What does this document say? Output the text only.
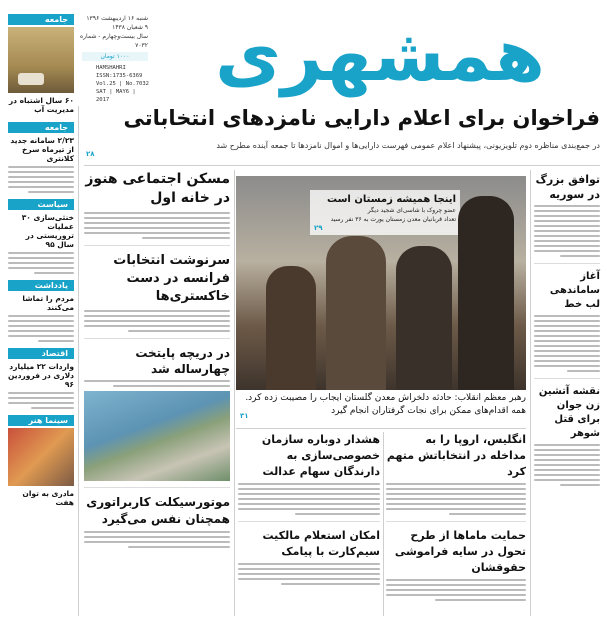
همشهری
شنبه ۱۶ اردیبهشت ۱۳۹۶
۹ شعبان ۱۴۳۸
سال بیست‌وچهارم - شماره ۷۰۳۲
HAMSHAHRI
ISSN:1735-6369
Vol.25 | No.7032
SAT | MAY6 | 2017
۱۰۰۰ تومان
جامعه
۶۰ سال اشتباه در مدیریت آب
جامعه
۲/۲۳ سامانه جدید از تیرماه سرخ کلانتری
سیاست
خنثی‌سازی ۳۰ عملیات تروریستی در سال ۹۵
یادداشت
مردم را تماشا می‌کنند
اقتصاد
واردات ۲۲ میلیارد دلاری در فروردین ۹۶
سینما هنر
مادری به توان هفت
فراخوان برای اعلام دارایی نامزدهای انتخاباتی
در جمع‌بندی مناظره دوم تلویزیونی، پیشنهاد اعلام عمومی فهرست دارایی‌ها و اموال نامزدها تا جمعه آینده مطرح شد
۲۸
مسکن اجتماعی هنوز در خانه اول
سرنوشت انتخابات فرانسه در دست خاکستری‌ها
در دریچه پایتخت چهارساله شد
موتورسیکلت کاربراتوری همچنان نفس می‌گیرد
اینجا همیشه زمستان است
عضو چروک با شاسی‌ای شجید دیگر
تعداد قربانیان معدن زمستان یورت به ۳۶ نفر رسید
۲۹
رهبر معظم انقلاب: حادثه دلخراش معدن گلستان ایجاب را مصیبت زده کرد. همه اقدام‌های ممکن برای نجات گرفتاران انجام گیرد
۳۱
هشدار دوباره سازمان خصوصی‌سازی به دارندگان سهام عدالت
امکان استعلام مالکیت سیم‌کارت با پیامک
انگلیس، اروپا را به مداخله در انتخاباتش متهم کرد
حمایت ماماها از طرح تحول در سایه فراموشی حقوقشان
توافق بزرگ در سوریه
آغاز ساماندهی لب خط
نقشه آتشین زن جوان برای قتل شوهر
